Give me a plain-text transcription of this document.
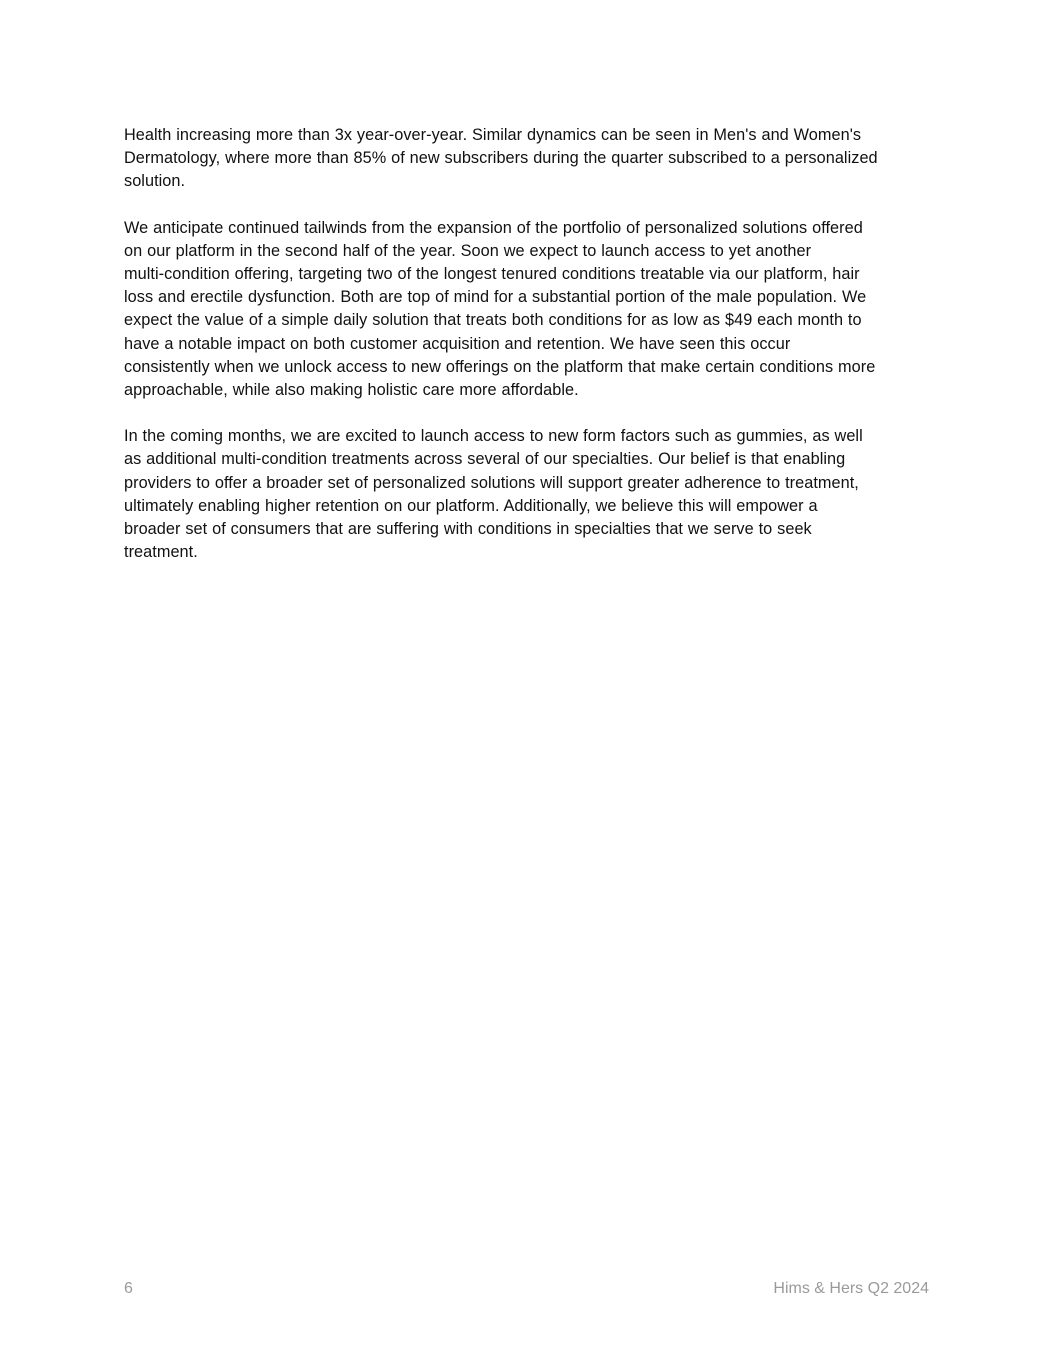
Health increasing more than 3x year-over-year. Similar dynamics can be seen in Men's and Women's
Dermatology, where more than 85% of new subscribers during the quarter subscribed to a personalized
solution.

We anticipate continued tailwinds from the expansion of the portfolio of personalized solutions offered
on our platform in the second half of the year. Soon we expect to launch access to yet another
multi-condition offering, targeting two of the longest tenured conditions treatable via our platform, hair
loss and erectile dysfunction. Both are top of mind for a substantial portion of the male population. We
expect the value of a simple daily solution that treats both conditions for as low as $49 each month to
have a notable impact on both customer acquisition and retention. We have seen this occur
consistently when we unlock access to new offerings on the platform that make certain conditions more
approachable, while also making holistic care more affordable.

In the coming months, we are excited to launch access to new form factors such as gummies, as well
as additional multi-condition treatments across several of our specialties. Our belief is that enabling
providers to offer a broader set of personalized solutions will support greater adherence to treatment,
ultimately enabling higher retention on our platform. Additionally, we believe this will empower a
broader set of consumers that are suffering with conditions in specialties that we serve to seek
treatment.

6	Hims & Hers Q2 2024
